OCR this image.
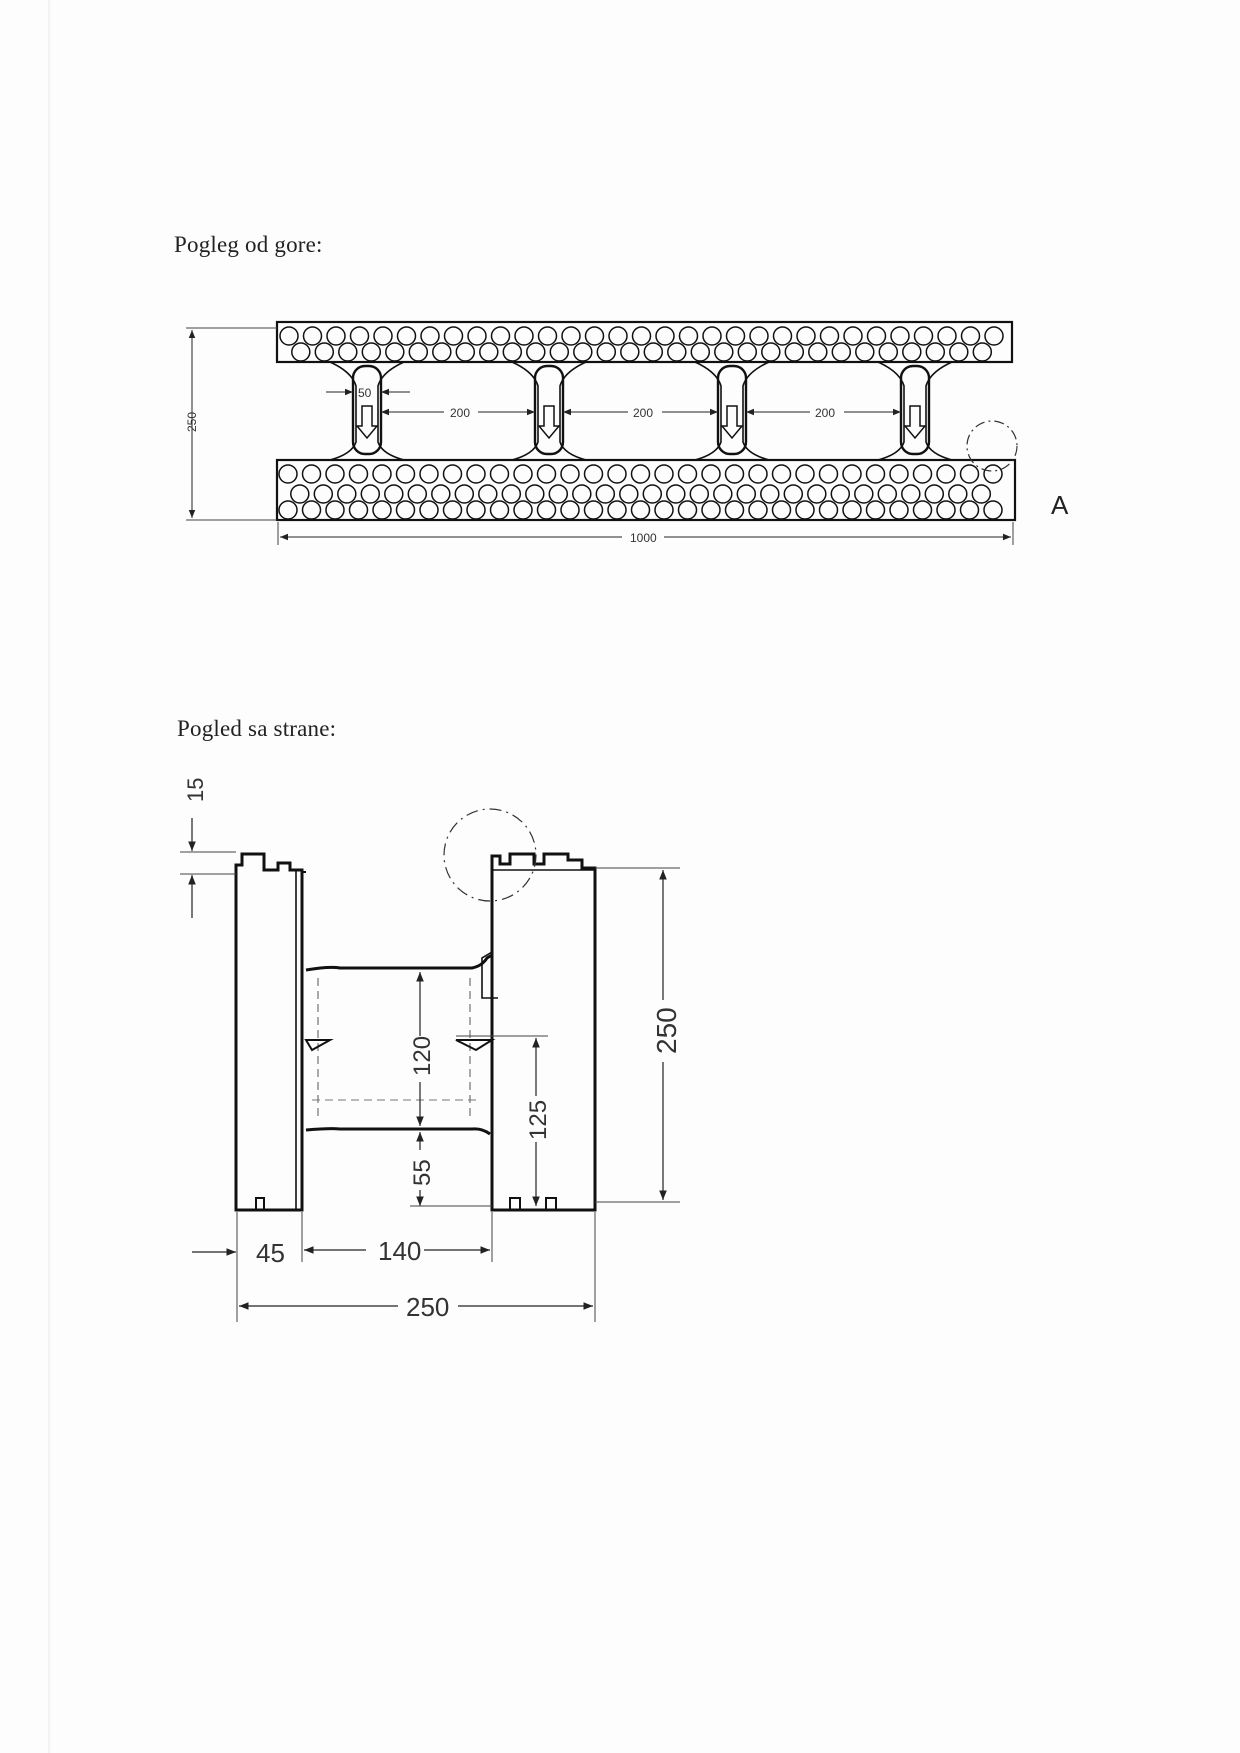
Pogleg od gore:
Pogled sa strane:
250
50
200	200	200
1000
A
15
120
125
55
250
45	140
250
